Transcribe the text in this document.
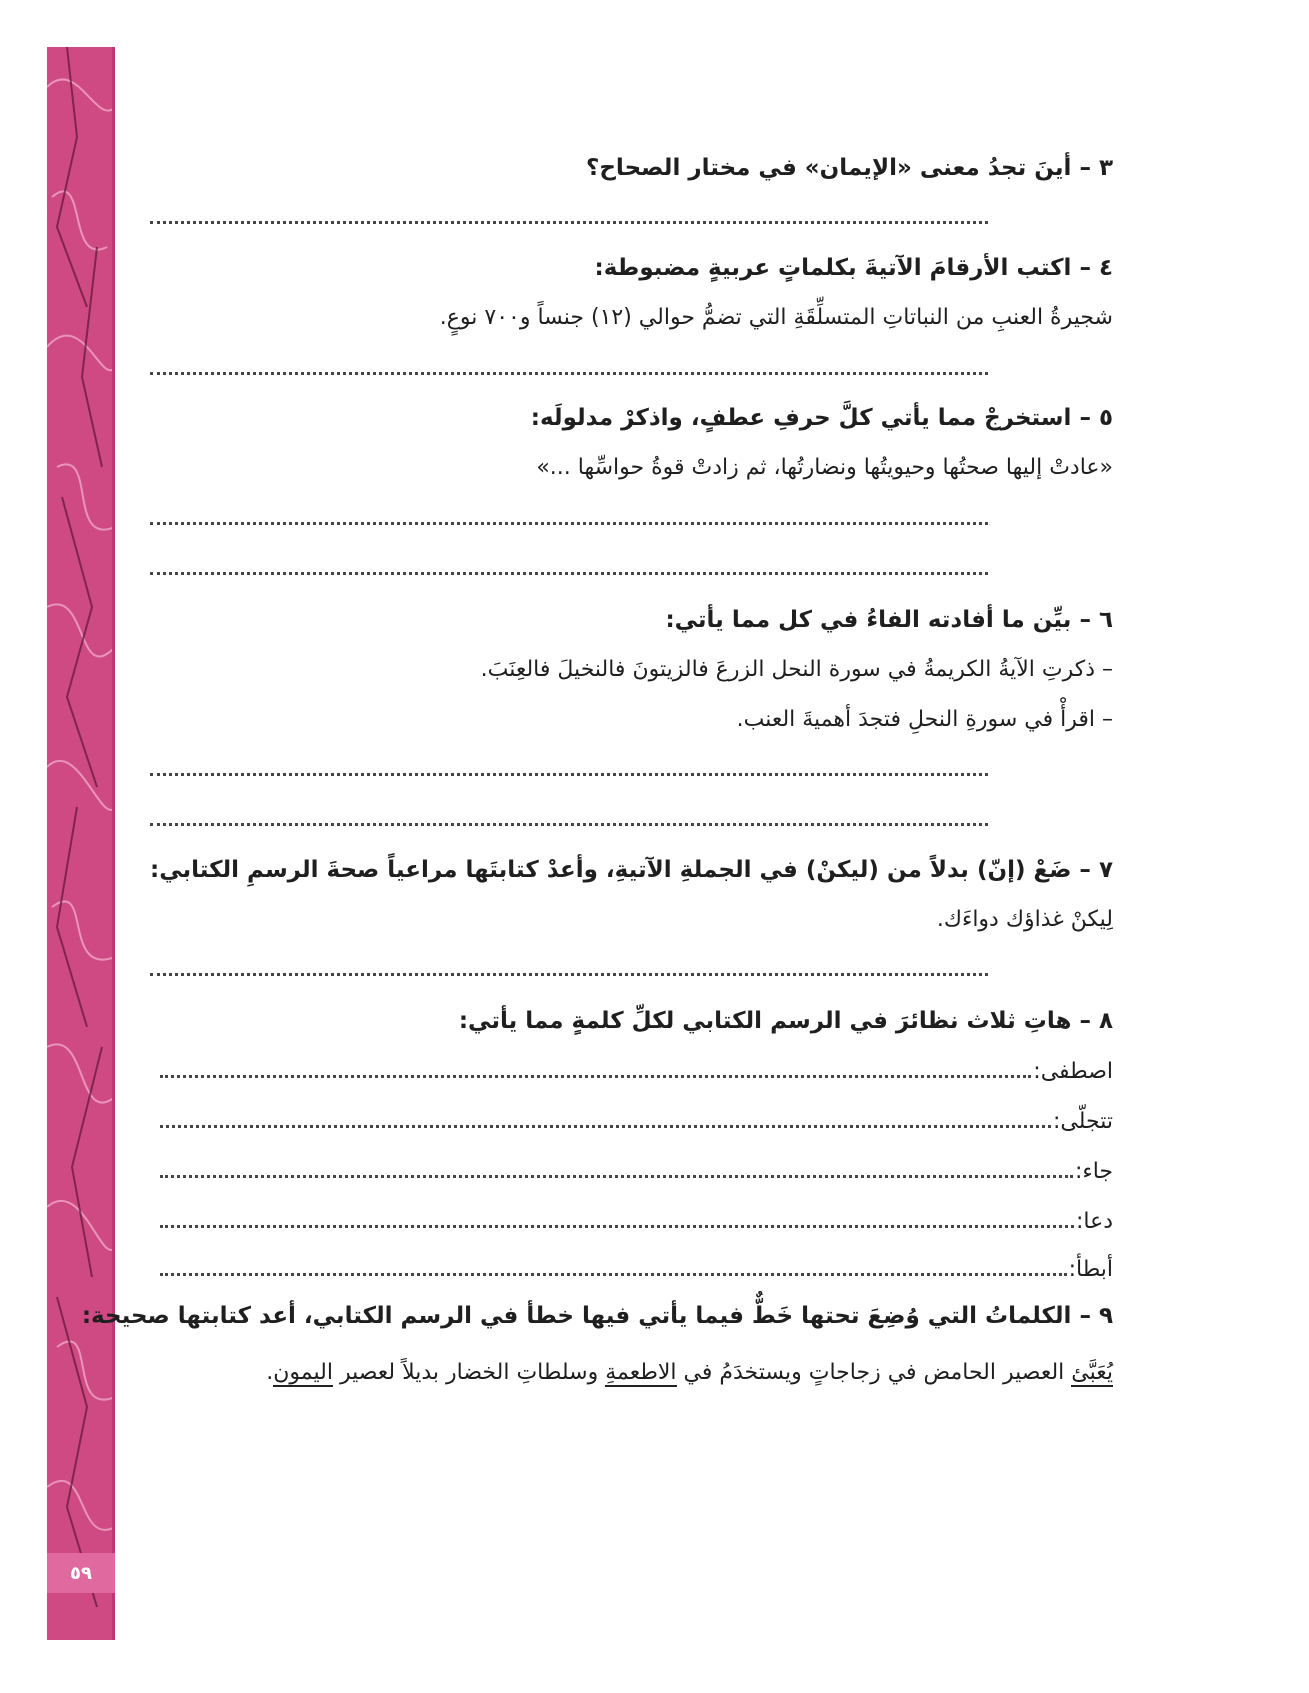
٥٩
٣ – أينَ تجدُ معنى «الإيمان» في مختار الصحاح؟
٤ – اكتب الأرقامَ الآتيةَ بكلماتٍ عربيةٍ مضبوطة:
شجيرةُ العنبِ من النباتاتِ المتسلِّقَةِ التي تضمُّ حوالي (١٢) جنساً و٧٠٠ نوعٍ.
٥ – استخرجْ مما يأتي كلَّ حرفِ عطفٍ، واذكرْ مدلولَه:
«عادتْ إليها صحتُها وحيويتُها ونضارتُها، ثم زادتْ قوةُ حواسِّها ...»
٦ – بيِّن ما أفادته الفاءُ في كل مما يأتي:
– ذكرتِ الآيةُ الكريمةُ في سورة النحل الزرعَ فالزيتونَ فالنخيلَ فالعِنَبَ.
– اقرأْ في سورةِ النحلِ فتجدَ أهميةَ العنب.
٧ – ضَعْ (إنّ) بدلاً من (ليكنْ) في الجملةِ الآتيةِ، وأعدْ كتابتَها مراعياً صحةَ الرسمِ الكتابي:
لِيكنْ غذاؤك دواءَك.
٨ – هاتِ ثلاث نظائرَ في الرسم الكتابي لكلِّ كلمةٍ مما يأتي:
اصطفى:
تتجلّى:
جاء:
دعا:
أبطأ:
٩ – الكلماتُ التي وُضِعَ تحتها خَطٌّ فيما يأتي فيها خطأ في الرسم الكتابي، أعد كتابتها صحيحة:
يُعَبَّئ العصير الحامض في زجاجاتٍ ويستخدَمُ في الاطعمةِ وسلطاتِ الخضار بديلاً لعصير اليمون.
